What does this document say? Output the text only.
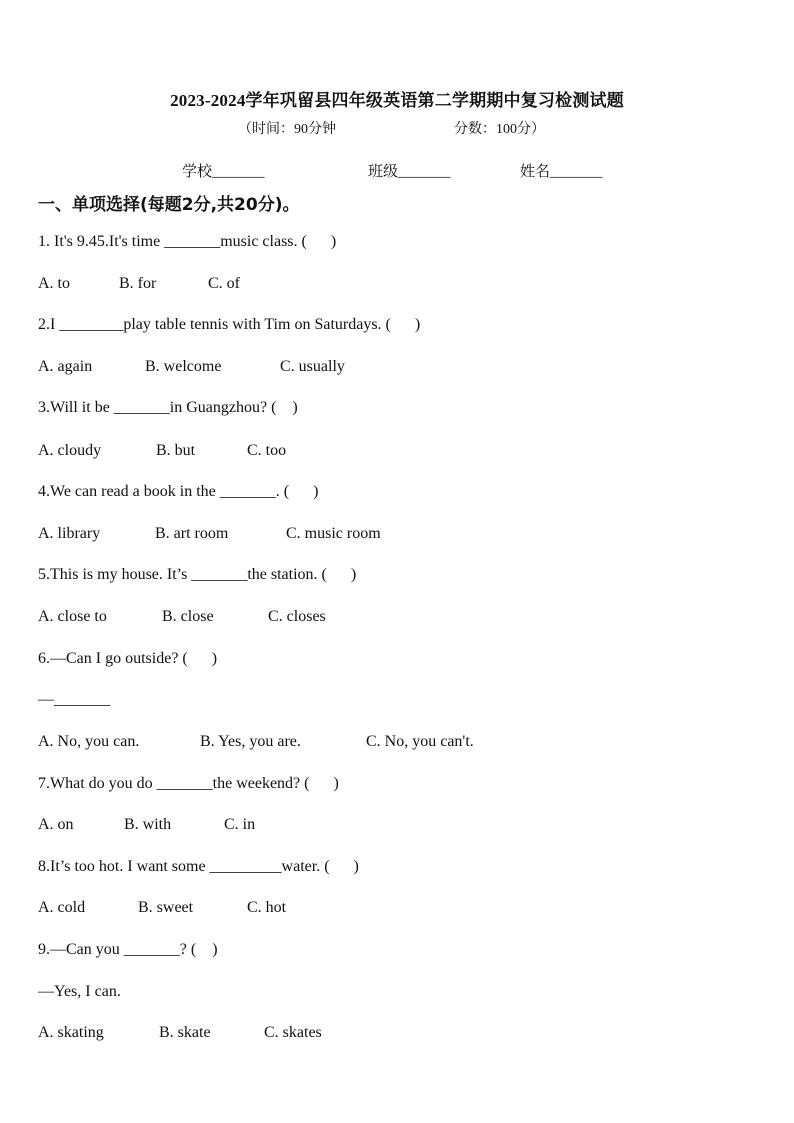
2023-2024学年巩留县四年级英语第二学期期中复习检测试题
（时间：90分钟	分数：100分）
学校_______	班级_______	姓名_______
一、单项选择(每题2分,共20分)。
1. It's 9.45.It's time _______music class. (      )
A. to	B. for	C. of
2.I ________play table tennis with Tim on Saturdays. (      )
A. again	B. welcome	C. usually
3.Will it be _______in Guangzhou? (    )
A. cloudy	B. but	C. too
4.We can read a book in the _______. (      )
A. library	B. art room	C. music room
5.This is my house. It’s _______the station. (      )
A. close to	B. close	C. closes
6.—Can I go outside? (      )
—_______
A. No, you can.	B. Yes, you are.	C. No, you can't.
7.What do you do _______the weekend? (      )
A. on	B. with	C. in
8.It’s too hot. I want some _________water. (      )
A. cold	B. sweet	C. hot
9.—Can you _______? (    )
—Yes, I can.
A. skating	B. skate	C. skates
